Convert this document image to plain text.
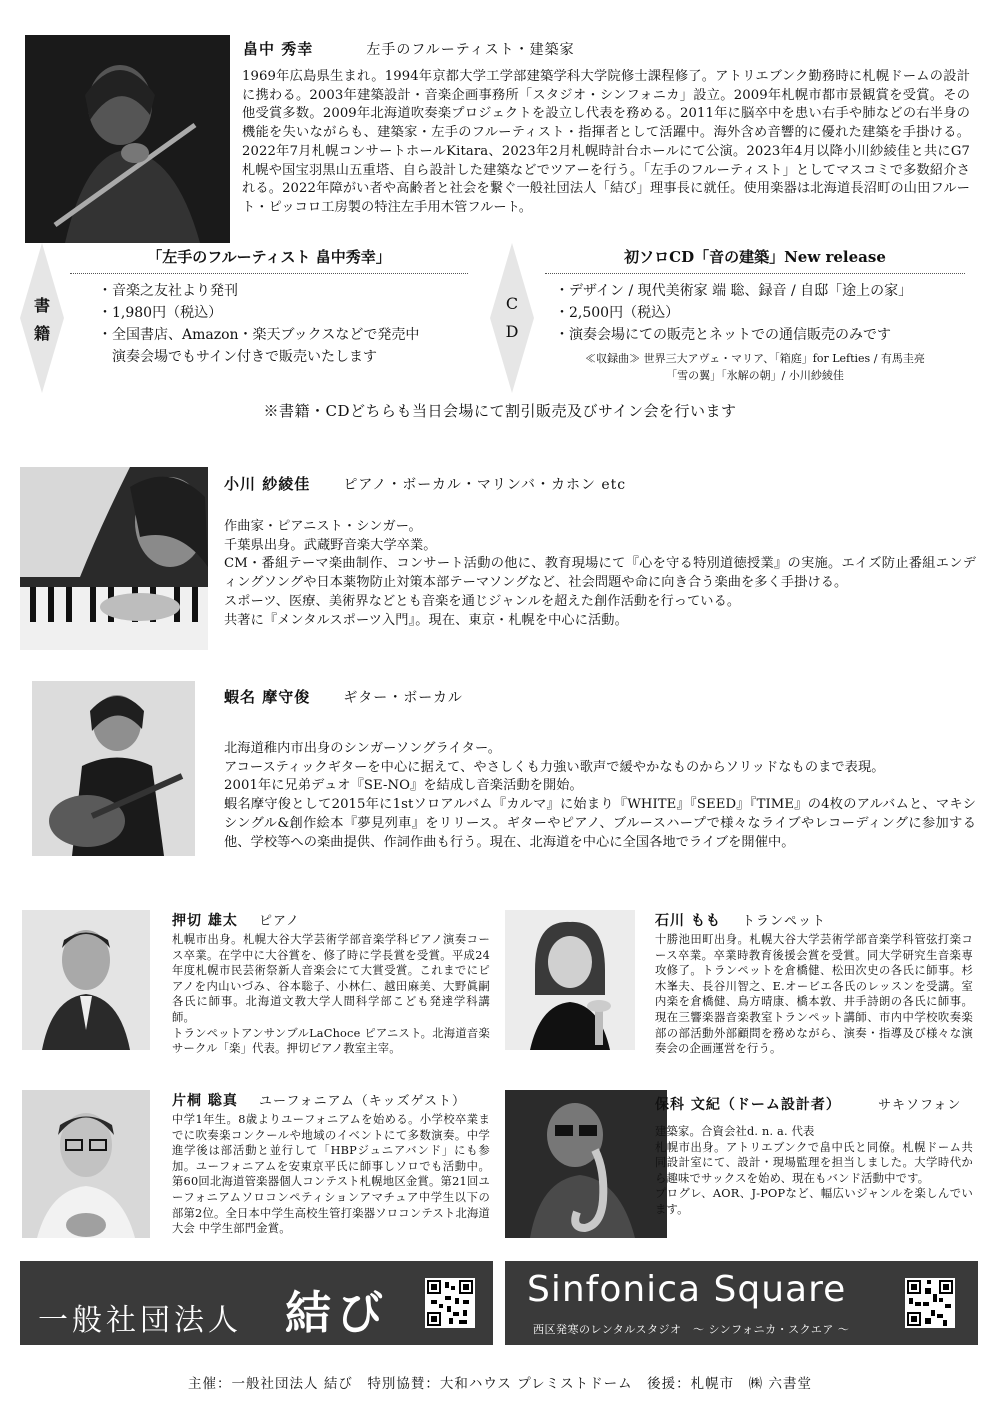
畠中 秀幸	左手のフルーティスト・建築家
1969年広島県生まれ。1994年京都大学工学部建築学科大学院修士課程修了。アトリエブンク勤務時に札幌ドームの設計に携わる。2003年建築設計・音楽企画事務所「スタジオ・シンフォニカ」設立。2009年札幌市都市景観賞を受賞。その他受賞多数。2009年北海道吹奏楽プロジェクトを設立し代表を務める。2011年に脳卒中を患い右手や肺などの右半身の機能を失いながらも、建築家・左手のフルーティスト・指揮者として活躍中。海外含め音響的に優れた建築を手掛ける。2022年7月札幌コンサートホールKitara、2023年2月札幌時計台ホールにて公演。2023年4月以降小川紗綾佳と共にG7札幌や国宝羽黒山五重塔、自ら設計した建築などでツアーを行う。「左手のフルーティスト」としてマスコミで多数紹介される。2022年障がい者や高齢者と社会を繋ぐ一般社団法人「結び」理事長に就任。使用楽器は北海道長沼町の山田フルート・ピッコロ工房製の特注左手用木管フルート。
書
籍
「左手のフルーティスト 畠中秀幸」
・音楽之友社より発刊
・1,980円（税込）
・全国書店、Amazon・楽天ブックスなどで発売中
　演奏会場でもサイン付きで販売いたします
C
D
初ソロCD「音の建築」New release
・デザイン / 現代美術家 端 聡、録音 / 自邸「途上の家」
・2,500円（税込）
・演奏会場にての販売とネットでの通信販売のみです
≪収録曲≫ 世界三大アヴェ・マリア、「箱庭」for Lefties / 有馬圭亮
「雪の翼」「氷解の朝」/ 小川紗綾佳
※書籍・CDどちらも当日会場にて割引販売及びサイン会を行います
小川 紗綾佳 ピアノ・ボーカル・マリンバ・カホン etc

作曲家・ピアニスト・シンガー。

千葉県出身。武蔵野音楽大学卒業。

CM・番組テーマ楽曲制作、コンサート活動の他に、教育現場にて『心を守る特別道徳授業』の実施。エイズ防止番組エンディングソングや日本薬物防止対策本部テーマソングなど、社会問題や命に向き合う楽曲を多く手掛ける。

スポーツ、医療、美術界などとも音楽を通じジャンルを超えた創作活動を行っている。

共著に『メンタルスポーツ入門』。現在、東京・札幌を中心に活動。

蝦名 摩守俊 ギター・ボーカル

北海道稚内市出身のシンガーソングライター。

アコースティックギターを中心に据えて、やさしくも力強い歌声で緩やかなものからソリッドなものまで表現。

2001年に兄弟デュオ『SE-NO』を結成し音楽活動を開始。

蝦名摩守俊として2015年に1stソロアルバム『カルマ』に始まり『WHITE』『SEED』『TIME』の4枚のアルバムと、マキシシングル&創作絵本『夢見列車』をリリース。ギターやピアノ、ブルースハープで様々なライブやレコーディングに参加する他、学校等への楽曲提供、作詞作曲も行う。現在、北海道を中心に全国各地でライブを開催中。

押切 雄太 ピアノ

札幌市出身。札幌大谷大学芸術学部音楽学科ピアノ演奏コース卒業。在学中に大谷賞を、修了時に学長賞を受賞。平成24年度札幌市民芸術祭新人音楽会にて大賞受賞。これまでにピアノを内山いづみ、谷本聡子、小林仁、越田麻美、大野眞嗣　各氏に師事。北海道文教大学人間科学部こども発達学科講師。

トランペットアンサンブルLaChoce ピアニスト。北海道音楽サークル「楽」代表。押切ピアノ教室主宰。

石川 もも トランペット
十勝池田町出身。札幌大谷大学芸術学部音楽学科管弦打楽コース卒業。卒業時教育後援会賞を受賞。同大学研究生音楽専攻修了。トランペットを倉橋健、松田次史の各氏に師事。杉木峯夫、長谷川智之、E.オービエ各氏のレッスンを受講。室内楽を倉橋健、鳥方晴康、橋本敦、井手詩朗の各氏に師事。現在三響楽器音楽教室トランペット講師、市内中学校吹奏楽部の部活動外部顧問を務めながら、演奏・指導及び様々な演奏会の企画運営を行う。
片桐 聡真 ユーフォニアム（キッズゲスト）
中学1年生。8歳よりユーフォニアムを始める。小学校卒業までに吹奏楽コンクールや地域のイベントにて多数演奏。中学進学後は部活動と並行して「HBPジュニアバンド」にも参加。ユーフォニアムを安東京平氏に師事しソロでも活動中。第60回北海道管楽器個人コンテスト札幌地区金賞。第21回ユーフォニアムソロコンペティションアマチュア中学生以下の部第2位。全日本中学生高校生管打楽器ソロコンテスト北海道大会 中学生部門金賞。
保科 文紀（ドーム設計者）	サキソフォン

建築家。合資会社d. n. a. 代表

札幌市出身。アトリエブンクで畠中氏と同僚。札幌ドーム共同設計室にて、設計・現場監理を担当しました。大学時代から趣味でサックスを始め、現在もバンド活動中です。

プログレ、AOR、J-POPなど、幅広いジャンルを楽しんでいます。

一般社団法人 結び	Sinfonica Square
西区発寒のレンタルスタジオ　～ シンフォニカ・スクエア ～
主催：一般社団法人 結び　特別協賛：大和ハウス プレミストドーム　後援：札幌市　㈱ 六書堂
